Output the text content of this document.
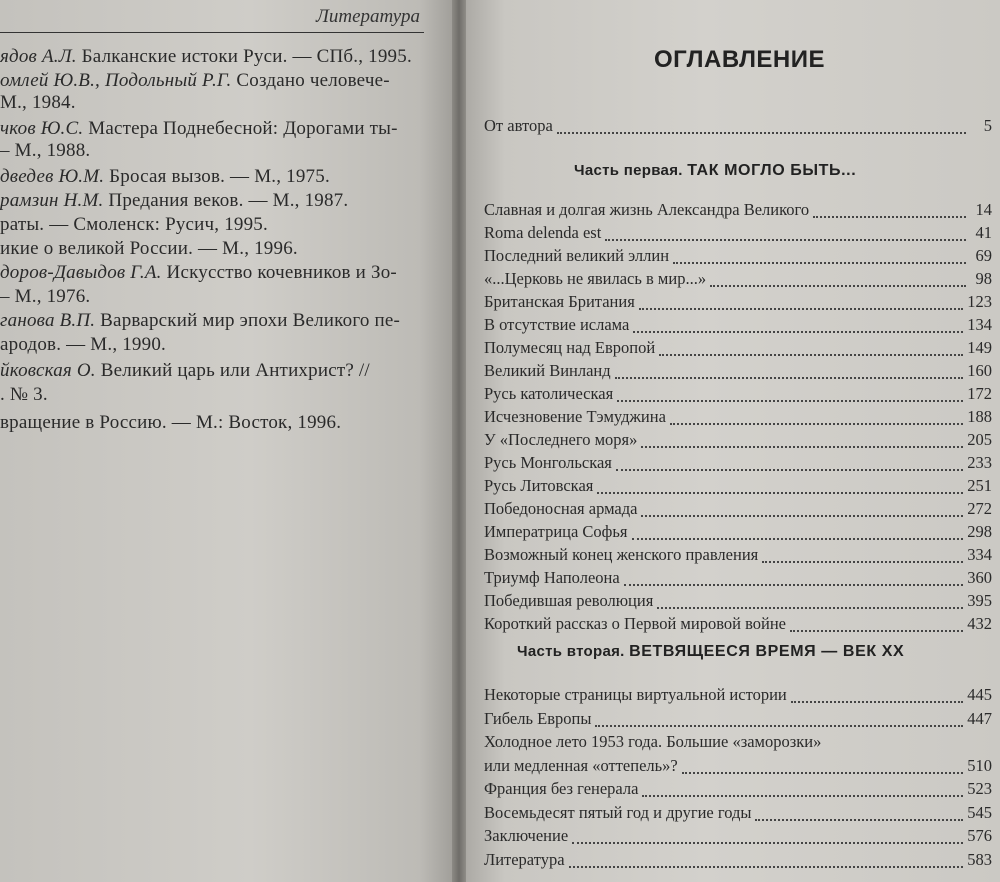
Литература
ядов А.Л. Балканские истоки Руси. — СПб., 1995.
омлей Ю.В., Подольный Р.Г. Создано человече-
М., 1984.
чков Ю.С. Мастера Поднебесной: Дорогами ты-
– М., 1988.
дведев Ю.М. Бросая вызов. — М., 1975.
рамзин Н.М. Предания веков. — М., 1987.
раты. — Смоленск: Русич, 1995.
икие о великой России. — М., 1996.
доров-Давыдов Г.А. Искусство кочевников и Зо-
– М., 1976.
ганова В.П. Варварский мир эпохи Великого пе-
ародов. — М., 1990.
йковская О. Великий царь или Антихрист? //
. № 3.
вращение в Россию. — М.: Восток, 1996.
ОГЛАВЛЕНИЕ
От автора	5
Часть первая. ТАК МОГЛО БЫТЬ...
Славная и долгая жизнь Александра Великого	14
Roma delenda est	41
Последний великий эллин	69
«...Церковь не явилась в мир...»	98
Британская Британия	123
В отсутствие ислама	134
Полумесяц над Европой	149
Великий Винланд	160
Русь католическая	172
Исчезновение Тэмуджина	188
У «Последнего моря»	205
Русь Монгольская	233
Русь Литовская	251
Победоносная армада	272
Императрица Софья	298
Возможный конец женского правления	334
Триумф Наполеона	360
Победившая революция	395
Короткий рассказ о Первой мировой войне	432
Часть вторая. ВЕТВЯЩЕЕСЯ ВРЕМЯ — ВЕК XX
Некоторые страницы виртуальной истории	445
Гибель Европы	447
Холодное лето 1953 года. Большие «заморозки»
или медленная «оттепель»?	510
Франция без генерала	523
Восемьдесят пятый год и другие годы	545
Заключение	576
Литература	583
